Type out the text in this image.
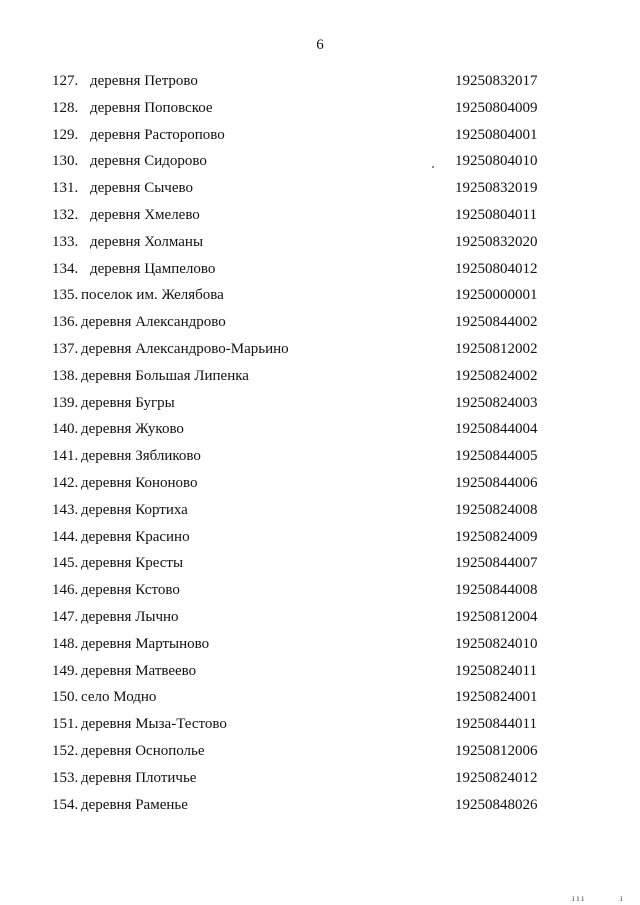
6
127. деревня Петрово	19250832017
128. деревня Поповское	19250804009
129. деревня Растоpопово	19250804001
130. деревня Сидорово	19250804010
131. деревня Сычево	19250832019
132. деревня Хмелево	19250804011
133. деревня Холманы	19250832020
134. деревня Цампелово	19250804012
135. поселок им. Желябова	19250000001
136. деревня Александрово	19250844002
137. деревня Александрово-Марьино	19250812002
138. деревня Большая Липенка	19250824002
139. деревня Бугры	19250824003
140. деревня Жуково	19250844004
141. деревня Зябликово	19250844005
142. деревня Кононово	19250844006
143. деревня Кортиха	19250824008
144. деревня Красино	19250824009
145. деревня Кресты	19250844007
146. деревня Кстово	19250844008
147. деревня Лычно	19250812004
148. деревня Мартыново	19250824010
149. деревня Матвеево	19250824011
150. село Модно	19250824001
151. деревня Мыза-Тестово	19250844011
152. деревня Оснополье	19250812006
153. деревня Плотичье	19250824012
154. деревня Раменье	19250848026
ı ı ı	ı
